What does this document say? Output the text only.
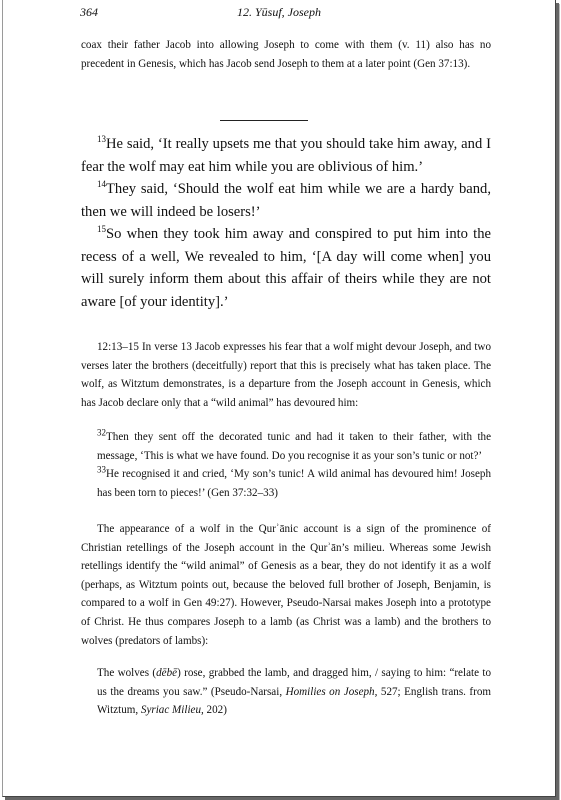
364	12. Yūsuf, Joseph

coax their father Jacob into allowing Joseph to come with them (v. 11) also has no precedent in Genesis, which has Jacob send Joseph to them at a later point (Gen 37:13).

$^{13}$He said, ‘It really upsets me that you should take him away, and I fear the wolf may eat him while you are oblivious of him.’

$^{14}$They said, ‘Should the wolf eat him while we are a hardy band, then we will indeed be losers!’

$^{15}$So when they took him away and conspired to put him into the recess of a well, We revealed to him, ‘[A day will come when] you will surely inform them about this affair of theirs while they are not aware [of your identity].’

12:13–15 In verse 13 Jacob expresses his fear that a wolf might devour Joseph, and two verses later the brothers (deceitfully) report that this is precisely what has taken place. The wolf, as Witztum demonstrates, is a departure from the Joseph account in Genesis, which has Jacob declare only that a “wild animal” has devoured him:

$^{32}$Then they sent off the decorated tunic and had it taken to their father, with the message, ‘This is what we have found. Do you recognise it as your son’s tunic or not?’

$^{33}$He recognised it and cried, ‘My son’s tunic! A wild animal has devoured him! Joseph has been torn to pieces!’ (Gen 37:32–33)

The appearance of a wolf in the Qurʾānic account is a sign of the prominence of Christian retellings of the Joseph account in the Qurʾān’s milieu. Whereas some Jewish retellings identify the “wild animal” of Genesis as a bear, they do not identify it as a wolf (perhaps, as Witztum points out, because the beloved full brother of Joseph, Benjamin, is compared to a wolf in Gen 49:27). However, Pseudo-Narsai makes Joseph into a prototype of Christ. He thus compares Joseph to a lamb (as Christ was a lamb) and the brothers to wolves (predators of lambs):

The wolves (dēbē) rose, grabbed the lamb, and dragged him, / saying to him: “relate to us the dreams you saw.” (Pseudo-Narsai, Homilies on Joseph, 527; English trans. from Witztum, Syriac Milieu, 202)
